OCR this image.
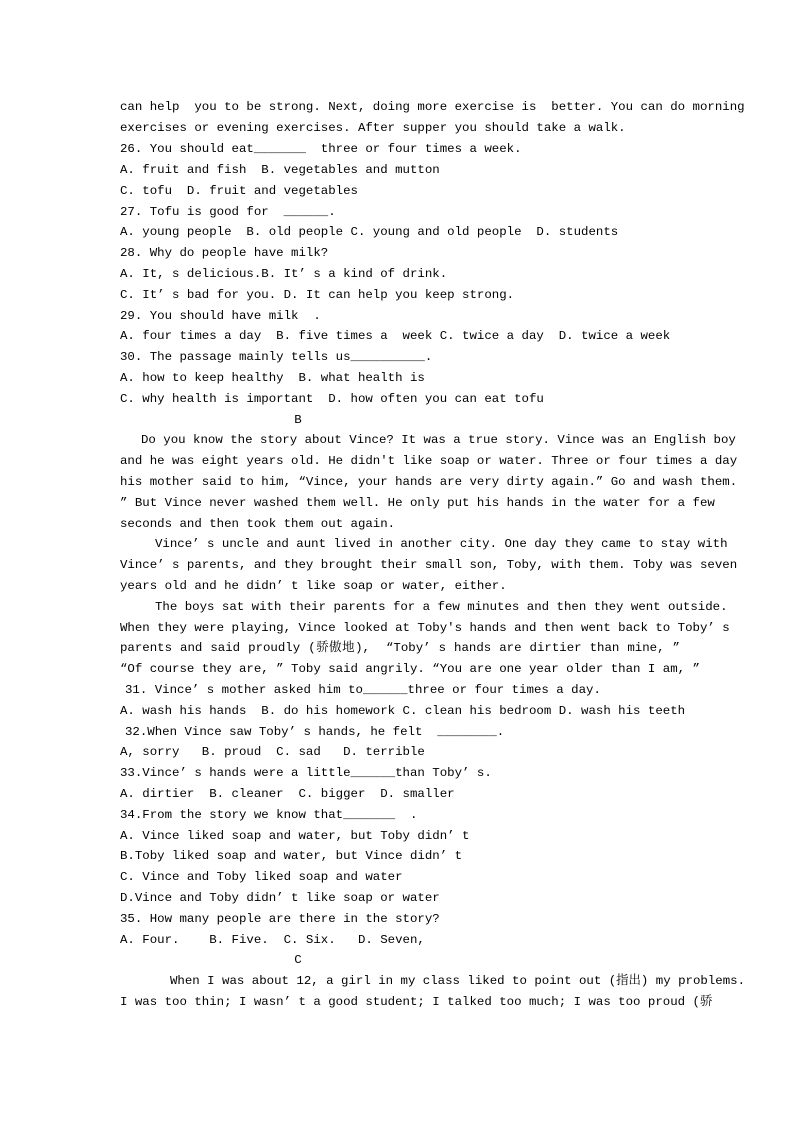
can help  you to be strong. Next, doing more exercise is  better. You can do morning
exercises or evening exercises. After supper you should take a walk.
26. You should eat_______  three or four times a week.
A. fruit and fish  B. vegetables and mutton
C. tofu  D. fruit and vegetables
27. Tofu is good for  ______.
A. young people  B. old people C. young and old people  D. students
28. Why do people have milk?
A. It, s delicious.B. It’ s a kind of drink.
C. It’ s bad for you. D. It can help you keep strong.
29. You should have milk  .
A. four times a day  B. five times a  week C. twice a day  D. twice a week
30. The passage mainly tells us__________.
A. how to keep healthy  B. what health is
C. why health is important  D. how often you can eat tofu
B
Do you know the story about Vince? It was a true story. Vince was an English boy
and he was eight years old. He didn't like soap or water. Three or four times a day
his mother said to him, “Vince, your hands are very dirty again.” Go and wash them.
” But Vince never washed them well. He only put his hands in the water for a few
seconds and then took them out again.
Vince’ s uncle and aunt lived in another city. One day they came to stay with
Vince’ s parents, and they brought their small son, Toby, with them. Toby was seven
years old and he didn’ t like soap or water, either.
The boys sat with their parents for a few minutes and then they went outside.
When they were playing, Vince looked at Toby's hands and then went back to Toby’ s
parents and said proudly (骄傲地),  “Toby’ s hands are dirtier than mine, ”
“Of course they are, ” Toby said angrily. “You are one year older than I am, ”
31. Vince’ s mother asked him to______three or four times a day.
A. wash his hands  B. do his homework C. clean his bedroom D. wash his teeth
32.When Vince saw Toby’ s hands, he felt  ________.
A, sorry   B. proud  C. sad   D. terrible
33.Vince’ s hands were a little______than Toby’ s.
A. dirtier  B. cleaner  C. bigger  D. smaller
34.From the story we know that_______  .
A. Vince liked soap and water, but Toby didn’ t
B.Toby liked soap and water, but Vince didn’ t
C. Vince and Toby liked soap and water
D.Vince and Toby didn’ t like soap or water
35. How many people are there in the story?
A. Four.    B. Five.  C. Six.   D. Seven,
C
When I was about 12, a girl in my class liked to point out (指出) my problems.
I was too thin; I wasn’ t a good student; I talked too much; I was too proud (骄
